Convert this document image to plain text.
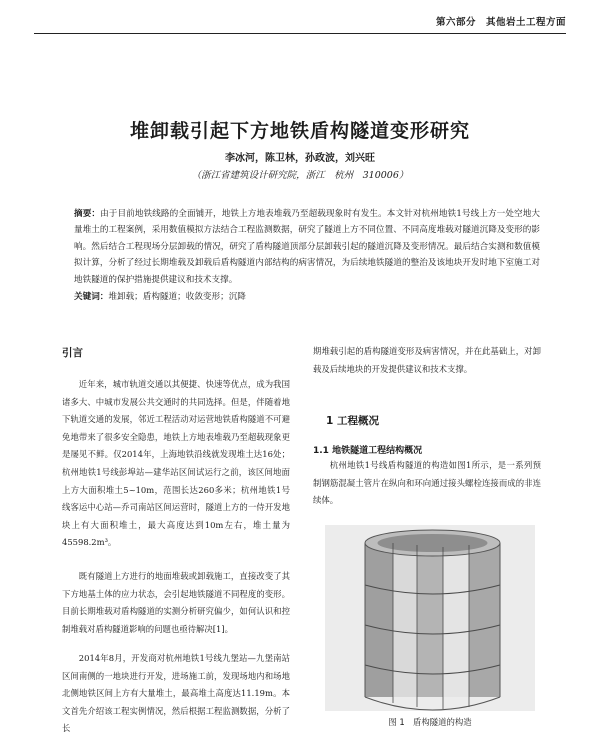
第六部分　其他岩土工程方面
堆卸载引起下方地铁盾构隧道变形研究
李冰河，陈卫林，孙政波，刘兴旺
（浙江省建筑设计研究院，浙江　杭州　310006）

摘要：由于目前地铁线路的全面铺开，地铁上方地表堆载乃至超载现象时有发生。本文针对杭州地铁1号线上方一处空地大量堆土的工程案例，采用数值模拟方法结合工程监测数据，研究了隧道上方不同位置、不同高度堆载对隧道沉降及变形的影响。然后结合工程现场分层卸载的情况，研究了盾构隧道顶部分层卸载引起的隧道沉降及变形情况。最后结合实测和数值模拟计算，分析了经过长期堆载及卸载后盾构隧道内部结构的病害情况，为后续地铁隧道的整治及该地块开发时地下室施工对地铁隧道的保护措施提供建议和技术支撑。

关键词：堆卸载；盾构隧道；收敛变形；沉降

引言

近年来，城市轨道交通以其便捷、快速等优点，成为我国诸多大、中城市发展公共交通时的共同选择。但是，伴随着地下轨道交通的发展，邻近工程活动对运营地铁盾构隧道不可避免地带来了很多安全隐患，地铁上方地表堆载乃至超载现象更是屡见不鲜。仅2014年，上海地铁沿线就发现堆土达16处；杭州地铁1号线彭埠站—建华站区间试运行之前，该区间地面上方大面积堆土5~10m，范围长达260多米；杭州地铁1号线客运中心站—乔司南站区间运营时，隧道上方的一侍开发地块上有大面积堆土，最大高度达到10m左右，堆土量为45598.2m³。

既有隧道上方进行的地面堆载或卸载施工，直接改变了其下方地基土体的应力状态，会引起地铁隧道不同程度的变形。目前长期堆载对盾构隧道的实测分析研究偏少，如何认识和控制堆载对盾构隧道影响的问题也亟待解决[1]。

2014年8月，开发商对杭州地铁1号线九堡站—九堡南站区间南侧的一地块进行开发，进场施工前，发现场地内和场地北侧地铁区间上方有大量堆土，最高堆土高度达11.19m。本文首先介绍该工程实例情况，然后根据工程监测数据，分析了长

期堆载引起的盾构隧道变形及病害情况，并在此基础上，对卸载及后续地块的开发提供建议和技术支撑。

1 工程概况

1.1 地铁隧道工程结构概况

杭州地铁1号线盾构隧道的构造如图1所示，是一系列预制钢筋混凝土管片在纵向和环向通过接头螺栓连接而成的非连续体。

图 1　盾构隧道的构造
